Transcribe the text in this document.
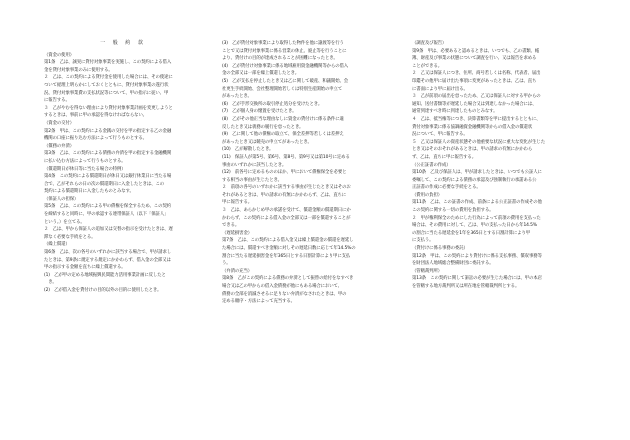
一 般 約 款
（資金の使用）
第1条　乙は、誠実に貸付対象事業を実施し、この契約による借入
金を貸付対象事業のみに使用する。
２　乙は、この契約による貸付金を使用した場合には、その使途に
ついて経理上明らかにしておくとともに、貸付対象事業の遂行状
況、貸付対象事業費の支払状況等について、甲の指示に従い、甲
に報告する。
３　乙がやむを得ない理由により貸付対象事業計画を変更しようと
するときは、事前に甲の承認を得なければならない。
（資金の交付）
第2条　甲は、この契約による金銭の交付を甲の指定する乙の金融
機関の口座に振り込む方法によって行うものとする。
（償務の弁済）
第3条　乙は、この契約による債務の弁済を甲の指定する金融機関
に払い込む方法によって行うものとする。
（償還期日が休日等に当たる場合の特例）
第4条　この契約による償還期日が休日又は銀行休業日に当たる場
合で、乙がそれらの日の次の償還期日に入金したときは、この
契約による償還期日に入金したものとみなす。
（保証人の担保）
第5条　乙は、この契約による甲の債権を保全するため、この契約
を締結すると同時に、甲の承認する連帯保証人（以下「保証人」
という。）を立てる。
２　乙は、甲から保証人の追加又は交替の指示を受けたときは、遅
滞なく必要な手続をとる。
（繰上償還）
第6条　乙は、次の各号のいずれかに該当する場合で、甲が請求し
たときは、第9条に規定する規定にかかわらず、借入金の全部又は
甲の指示する金額を直ちに繰上償還する。
(1)　乙が甲の定める地域振興民間能力活用事業計画に反したと
　き。
(2)　乙が借入金を貸付けの目的以外の目的に使用したとき。
(3)　乙が貸付対象事業により取得した物件を他に譲渡等を行う
ことで又は貸付対象事業に係る営業の休止、廃止等を行うことに
より、貸付けの目的が達成されることが困難になったとき。
(4)　乙が貸付け対象事業に係る地域雇用資金融機関等からの借入
金の全部又は一部を繰上償還したとき。
(5)　乙が支払を停止したとき又は乙に関して破産、和議開始、会
社更生手続開始、会社整理開始若しくは特別生産開始の申立て
があったとき。
(6)　乙が手形交換所の取引停止処分を受けたとき。
(7)　乙が個人身の懐置を受けたとき。
(8)　乙がその他正当な理由なしに資金の貸付けに係る条件に違
反したとき又は義務の履行を怠ったとき。
(9)　乙に関して他の債権の取立て、保全差押等若しくは差押え
があったとき又は競売の申立てがあったとき。
(10)　乙が解散したとき。
(11)　保証人が第5号、第6号、第8号、第9号又は第10号に定める
事由のいずれかに該当したとき。
(12)　前各号に定めるもののほか、甲において債権保全を必要と
する相当の事由が生じたとき。
２　前項の各号のいずれかに該当する事由が生じたとき又はそのお
それがあるときは、甲の請求の有無にかかわらず、乙は、直ちに
甲に報告する。
３　乙は、あらかじめ甲の承諾を受けて、償還金額の償還期日にか
かわらず、この契約による借入金の全部又は一部を償還することが
できる。
（遅延損害金）
第7条　乙は、この契約による借入金又は繰上償還金の償還を遅延し
た場合には、償還すべき金額に対しその遅延日数に応じて年14.5%の
割合に当たる遅延損害金を年365日とする日割計算により甲に支払
う。
（弁済の充当）
第8条　乙がこの契約による債務の弁済として振替の給付をなすべき
場合又は乙の甲からの借入金債務が他にもある場合において、
債務の全部を消滅させるに足りない弁済がなされたときは、甲の
定める順序・方法によって充当する。
（調査及び報告）
第9条　甲は、必要あると認めるときは、いつでも、乙の書類、帳
簿、財産及び事業の状態について調査を行い、又は報告を求める
ことができる。
２　乙又は保証人につき、住所、商号若しくは名称、代表者、届出
印鑑その他甲に届け出た事項に変更があったときは、乙は、直ち
に書面により甲に届け出る。
３　乙が前項の届出を怠ったため、乙又は保証人に対する甲からの
通知、送付書類等が遅延した場合又は到達しなかった場合には、
通常到達すべき時に到達したものとみなす。
４　乙は、抵当権等につき、決算書類等を甲に提出するとともに、
貸付対象事業に係る協調融資金融機関等からの借入金の償還状
況について、甲に報告する。
５　乙又は保証人の資産状態その他重要な状況に重大な変化が生じた
とき又はそのおそれがあるときは、甲の請求の有無にかかわら
ず、乙は、直ちに甲に報告する。
（公正証書の作成）
第10条　乙及び保証人は、甲が請求したときは、いつでも公証人に
委嘱して、この契約による債務の承認及び強制執行の承諾ある公
正証書の作成に必要な手続をとる。
（費用の負担）
第11条　乙は、この証書の作成、前条による公正証書の作成その他
この契約に関する一切の費用を負担する。
２　甲が権利保全のためにした行為によって前項の費用を支払った
場合は、その費用に対して、乙は、甲の支払った日から年14.5%
の割合に当たる遅延金を1年を365日とする日割計算により甲
に支払う。
（貸付けに係る事務の委託）
第12条　甲は、この契約により貸付けに係る支払事務、償収事務等
を財団法人地域総合整備財団に委託する。
（管轄裁判所）
第13条　この契約に関して訴訟の必要が生じた場合には、甲の本店
を管轄する地方裁判所又は所在地を管轄裁判所とする。
